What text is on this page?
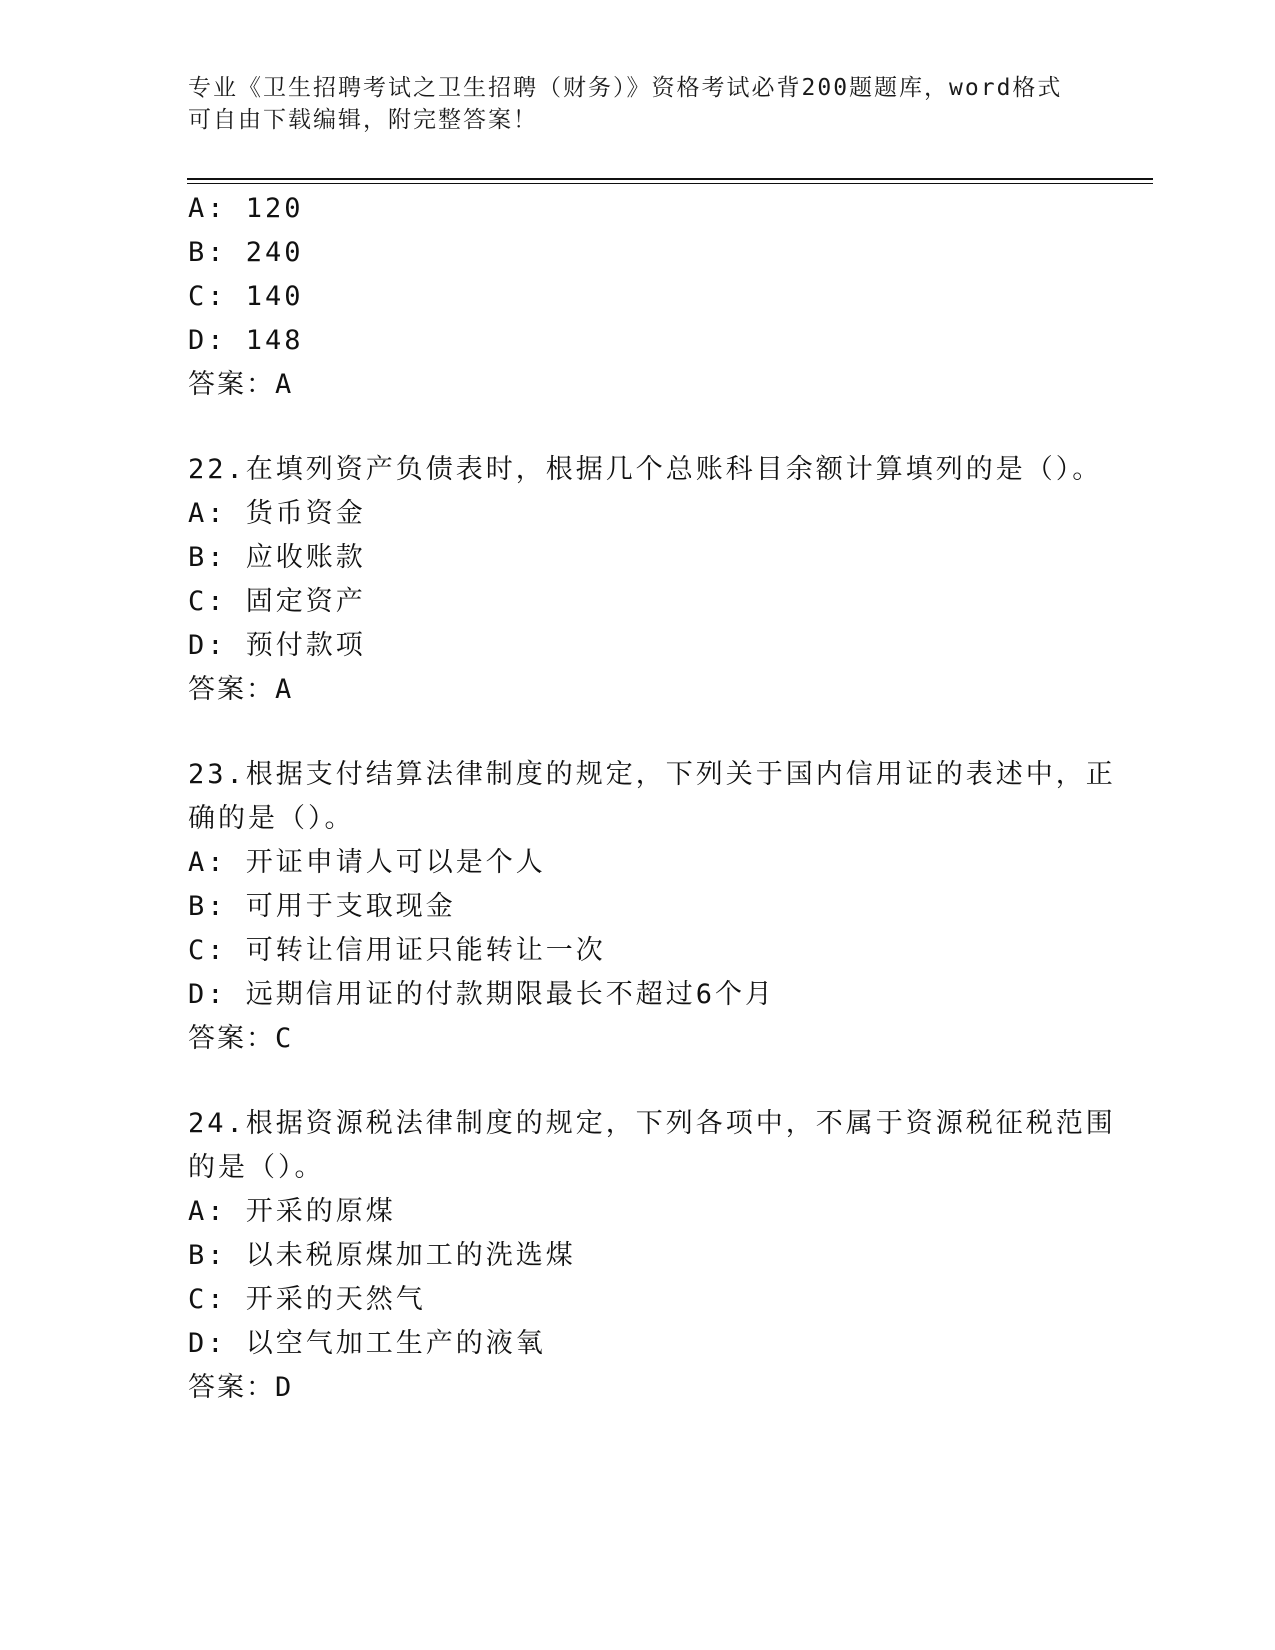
专业《卫生招聘考试之卫生招聘（财务）》资格考试必背200题题库，word格式
可自由下载编辑，附完整答案！
A: 120
B: 240
C: 140
D: 148
答案：A
22.在填列资产负债表时，根据几个总账科目余额计算填列的是（）。
A: 货币资金
B: 应收账款
C: 固定资产
D: 预付款项
答案：A
23.根据支付结算法律制度的规定，下列关于国内信用证的表述中，正
确的是（）。
A: 开证申请人可以是个人
B: 可用于支取现金
C: 可转让信用证只能转让一次
D: 远期信用证的付款期限最长不超过6个月
答案：C
24.根据资源税法律制度的规定，下列各项中，不属于资源税征税范围
的是（）。
A: 开采的原煤
B: 以未税原煤加工的洗选煤
C: 开采的天然气
D: 以空气加工生产的液氧
答案：D
